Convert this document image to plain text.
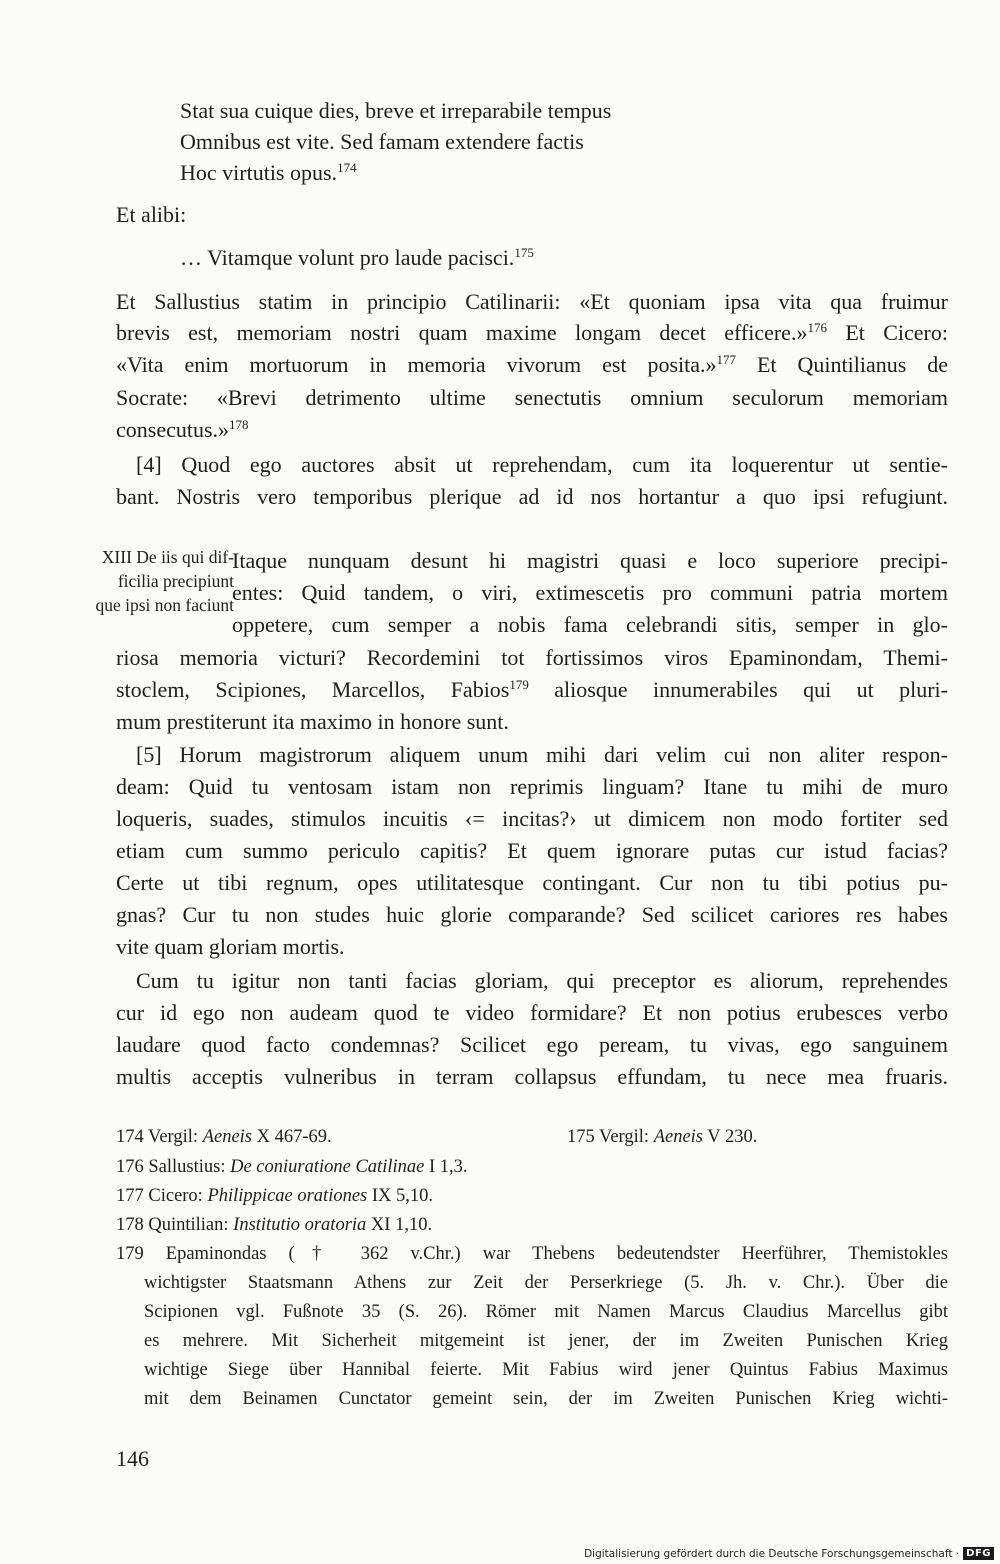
Stat sua cuique dies, breve et irreparabile tempus
Omnibus est vite. Sed famam extendere factis
Hoc virtutis opus.$^{174}$
Et alibi:
… Vitamque volunt pro laude pacisci.$^{175}$
Et Sallustius statim in principio Catilinarii: «Et quoniam ipsa vita qua fruimur
brevis est, memoriam nostri quam maxime longam decet efficere.»$^{176}$ Et Cicero:
«Vita enim mortuorum in memoria vivorum est posita.»$^{177}$ Et Quintilianus de
Socrate: «Brevi detrimento ultime senectutis omnium seculorum memoriam
consecutus.»$^{178}$
[4] Quod ego auctores absit ut reprehendam, cum ita loquerentur ut sentie-
bant. Nostris vero temporibus plerique ad id nos hortantur a quo ipsi refugiunt.
XIII De iis qui dif-
ficilia precipiunt
que ipsi non faciunt
Itaque nunquam desunt hi magistri quasi e loco superiore precipi-
entes: Quid tandem, o viri, extimescetis pro communi patria mortem
oppetere, cum semper a nobis fama celebrandi sitis, semper in glo-
riosa memoria victuri? Recordemini tot fortissimos viros Epaminondam, Themi-
stoclem, Scipiones, Marcellos, Fabios$^{179}$ aliosque innumerabiles qui ut pluri-
mum prestiterunt ita maximo in honore sunt.
[5] Horum magistrorum aliquem unum mihi dari velim cui non aliter respon-
deam: Quid tu ventosam istam non reprimis linguam? Itane tu mihi de muro
loqueris, suades, stimulos incuitis ‹= incitas?› ut dimicem non modo fortiter sed
etiam cum summo periculo capitis? Et quem ignorare putas cur istud facias?
Certe ut tibi regnum, opes utilitatesque contingant. Cur non tu tibi potius pu-
gnas? Cur tu non studes huic glorie comparande? Sed scilicet cariores res habes
vite quam gloriam mortis.
Cum tu igitur non tanti facias gloriam, qui preceptor es aliorum, reprehendes
cur id ego non audeam quod te video formidare? Et non potius erubesces verbo
laudare quod facto condemnas? Scilicet ego peream, tu vivas, ego sanguinem
multis acceptis vulneribus in terram collapsus effundam, tu nece mea fruaris.
174 Vergil: Aeneis X 467-69.	175 Vergil: Aeneis V 230.
176 Sallustius: De coniuratione Catilinae I 1,3.
177 Cicero: Philippicae orationes IX 5,10.
178 Quintilian: Institutio oratoria XI 1,10.
179 Epaminondas († 362 v.Chr.) war Thebens bedeutendster Heerführer, Themistokles
wichtigster Staatsmann Athens zur Zeit der Perserkriege (5. Jh. v. Chr.). Über die
Scipionen vgl. Fußnote 35 (S. 26). Römer mit Namen Marcus Claudius Marcellus gibt
es mehrere. Mit Sicherheit mitgemeint ist jener, der im Zweiten Punischen Krieg
wichtige Siege über Hannibal feierte. Mit Fabius wird jener Quintus Fabius Maximus
mit dem Beinamen Cunctator gemeint sein, der im Zweiten Punischen Krieg wichti-
146
Digitalisierung gefördert durch die Deutsche Forschungsgemeinschaft · DFG
